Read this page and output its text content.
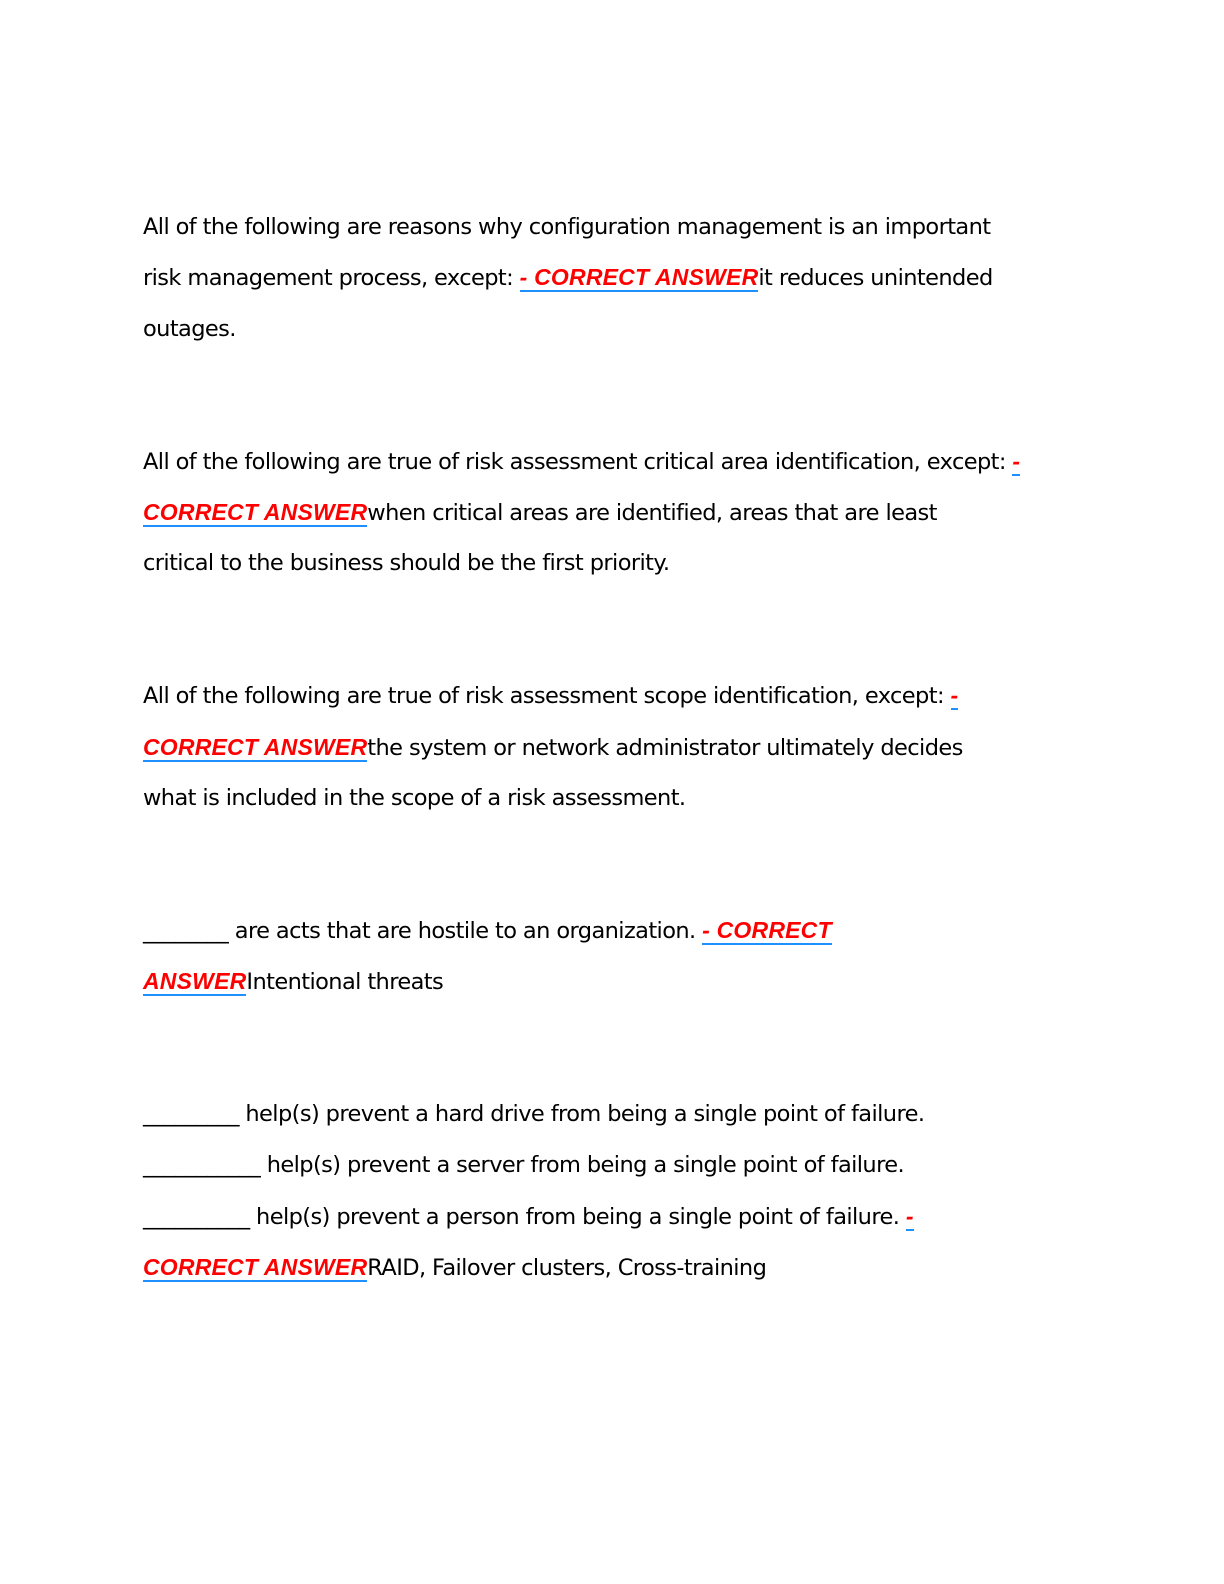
All of the following are reasons why configuration management is an important
risk management process, except: - CORRECT ANSWERit reduces unintended
outages.
All of the following are true of risk assessment critical area identification, except: -
CORRECT ANSWERwhen critical areas are identified, areas that are least
critical to the business should be the first priority.
All of the following are true of risk assessment scope identification, except: -
CORRECT ANSWERthe system or network administrator ultimately decides
what is included in the scope of a risk assessment.
________ are acts that are hostile to an organization. - CORRECT
ANSWERIntentional threats
_________ help(s) prevent a hard drive from being a single point of failure.
___________ help(s) prevent a server from being a single point of failure.
__________ help(s) prevent a person from being a single point of failure. -
CORRECT ANSWERRAID, Failover clusters, Cross-training
